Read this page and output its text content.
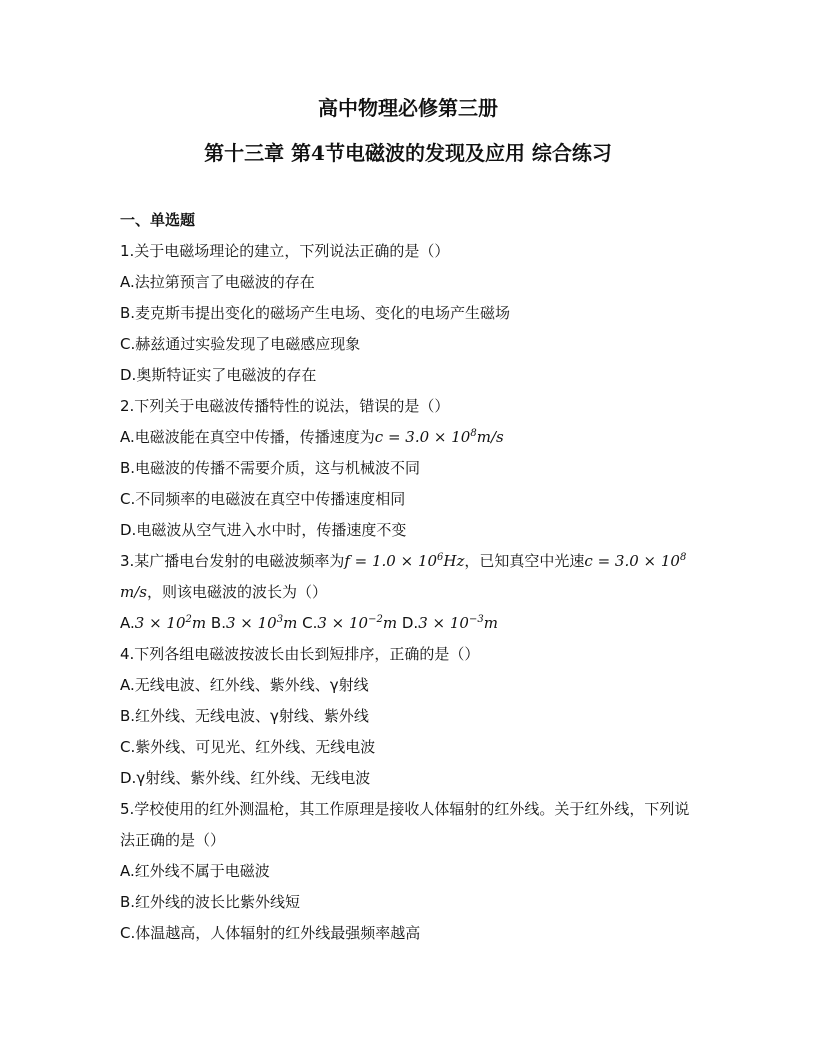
高中物理必修第三册
第十三章 第4节电磁波的发现及应用 综合练习
一、单选题
1.关于电磁场理论的建立，下列说法正确的是（）
A.法拉第预言了电磁波的存在
B.麦克斯韦提出变化的磁场产生电场、变化的电场产生磁场
C.赫兹通过实验发现了电磁感应现象
D.奥斯特证实了电磁波的存在
2.下列关于电磁波传播特性的说法，错误的是（）
A.电磁波能在真空中传播，传播速度为$c = 3.0 \times 10^8m/s$
B.电磁波的传播不需要介质，这与机械波不同
C.不同频率的电磁波在真空中传播速度相同
D.电磁波从空气进入水中时，传播速度不变
3.某广播电台发射的电磁波频率为$f = 1.0 \times 10^6Hz$，已知真空中光速$c = 3.0 \times 10^8$
m/s，则该电磁波的波长为（）
$A.3 \times 10^2m$ $B.3 \times 10^3m$ $C.3 \times 10^{-2}m$ $D.3 \times 10^{-3}m$
4.下列各组电磁波按波长由长到短排序，正确的是（）
A.无线电波、红外线、紫外线、γ射线
B.红外线、无线电波、γ射线、紫外线
C.紫外线、可见光、红外线、无线电波
D.γ射线、紫外线、红外线、无线电波
5.学校使用的红外测温枪，其工作原理是接收人体辐射的红外线。关于红外线，下列说法正确的是（）
A.红外线不属于电磁波
B.红外线的波长比紫外线短
C.体温越高，人体辐射的红外线最强频率越高
